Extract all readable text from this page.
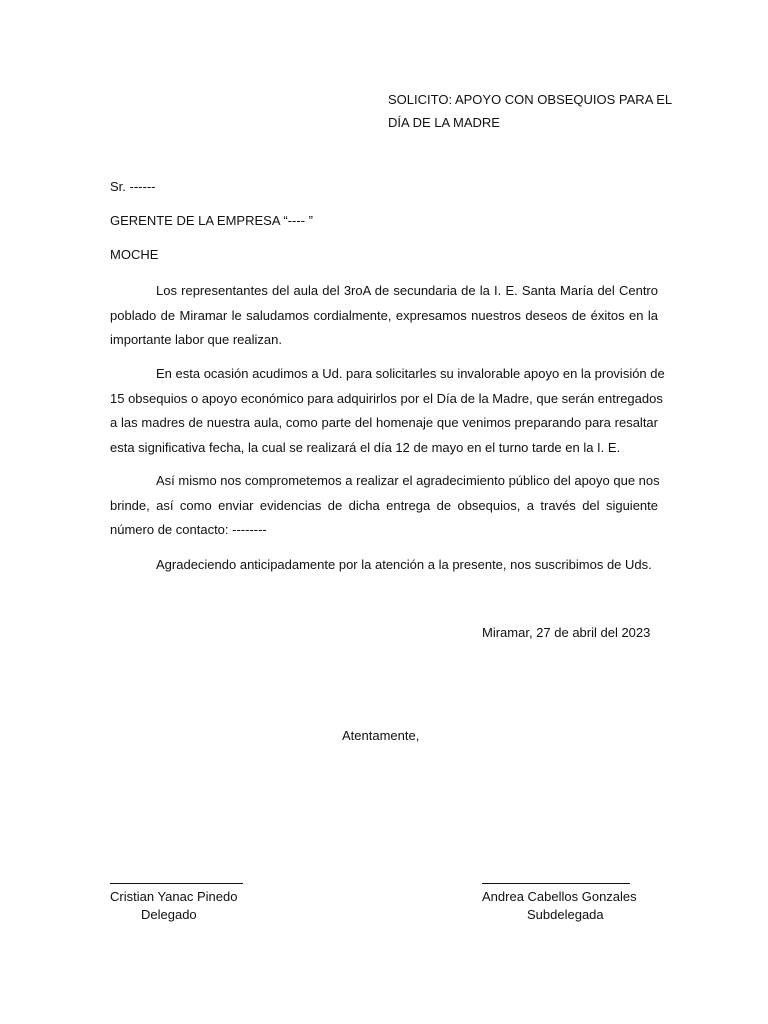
SOLICITO: APOYO CON OBSEQUIOS PARA EL
DÍA DE LA MADRE
Sr. ------
GERENTE DE LA EMPRESA “---- ”
MOCHE
Los representantes del aula del 3roA de secundaria de la I. E. Santa María del Centro
poblado de Miramar le saludamos cordialmente, expresamos nuestros deseos de éxitos en la
importante labor que realizan.
En esta ocasión acudimos a Ud. para solicitarles su invalorable apoyo en la provisión de
15 obsequios o apoyo económico para adquirirlos por el Día de la Madre, que serán entregados
a las madres de nuestra aula, como parte del homenaje que venimos preparando para resaltar
esta significativa fecha, la cual se realizará el día 12 de mayo en el turno tarde en la I. E.
Así mismo nos comprometemos a realizar el agradecimiento público del apoyo que nos
brinde, así como enviar evidencias de dicha entrega de obsequios, a través del siguiente
número de contacto: --------
Agradeciendo anticipadamente por la atención a la presente, nos suscribimos de Uds.
Miramar, 27 de abril del 2023
Atentamente,
Cristian Yanac Pinedo
Delegado
Andrea Cabellos Gonzales
Subdelegada
